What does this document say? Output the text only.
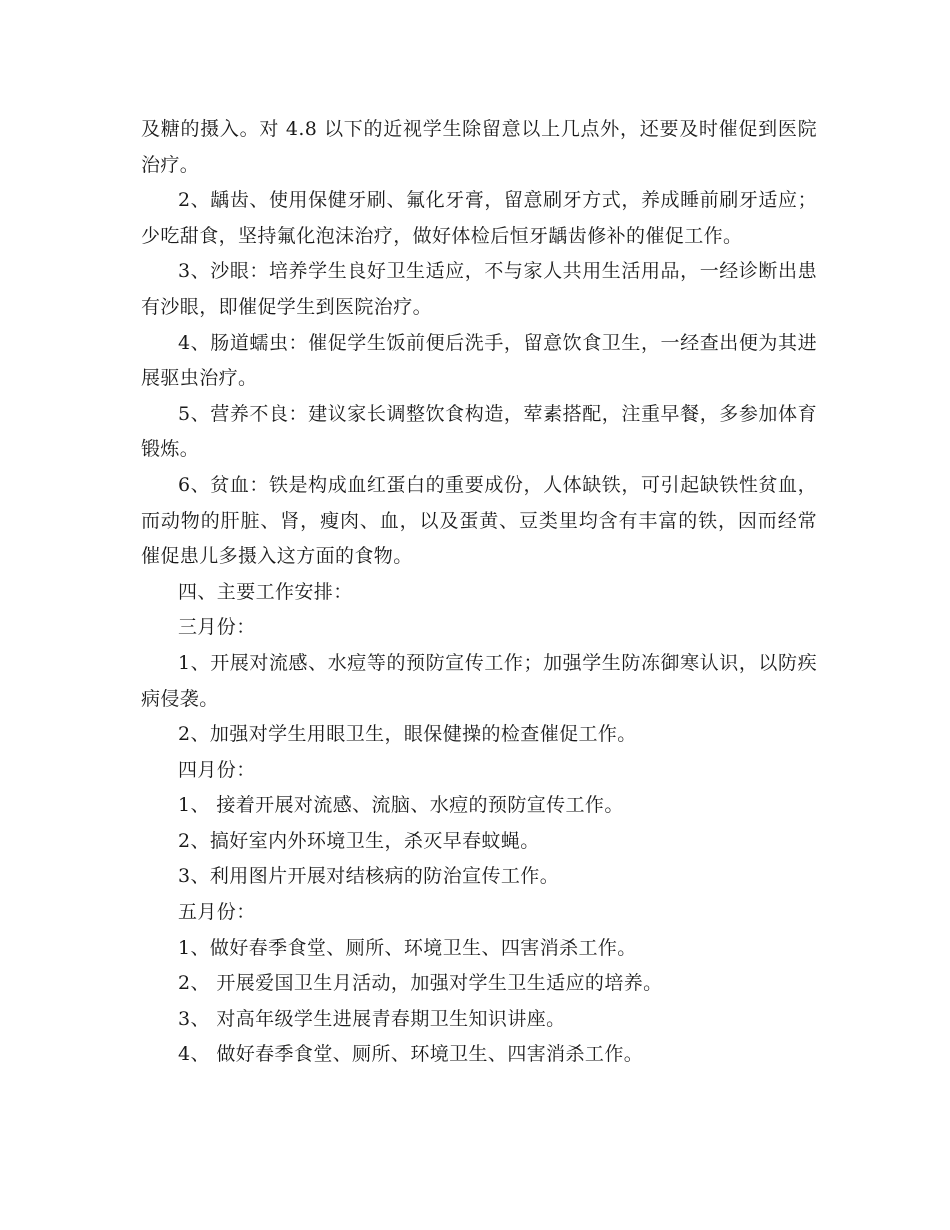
及糖的摄入。对 4.8 以下的近视学生除留意以上几点外，还要及时催促到医院治疗。

2、龋齿、使用保健牙刷、氟化牙膏，留意刷牙方式，养成睡前刷牙适应；少吃甜食，坚持氟化泡沫治疗，做好体检后恒牙龋齿修补的催促工作。

3、沙眼：培养学生良好卫生适应，不与家人共用生活用品，一经诊断出患有沙眼，即催促学生到医院治疗。

4、肠道蠕虫：催促学生饭前便后洗手，留意饮食卫生，一经查出便为其进展驱虫治疗。

5、营养不良：建议家长调整饮食构造，荤素搭配，注重早餐，多参加体育锻炼。

6、贫血：铁是构成血红蛋白的重要成份，人体缺铁，可引起缺铁性贫血，而动物的肝脏、肾，瘦肉、血，以及蛋黄、豆类里均含有丰富的铁，因而经常催促患儿多摄入这方面的食物。

四、主要工作安排：

三月份：

1、开展对流感、水痘等的预防宣传工作；加强学生防冻御寒认识，以防疾病侵袭。

2、加强对学生用眼卫生，眼保健操的检查催促工作。

四月份：

1、 接着开展对流感、流脑、水痘的预防宣传工作。

2、搞好室内外环境卫生，杀灭早春蚊蝇。

3、利用图片开展对结核病的防治宣传工作。

五月份：

1、做好春季食堂、厕所、环境卫生、四害消杀工作。

2、 开展爱国卫生月活动，加强对学生卫生适应的培养。

3、 对高年级学生进展青春期卫生知识讲座。

4、 做好春季食堂、厕所、环境卫生、四害消杀工作。
